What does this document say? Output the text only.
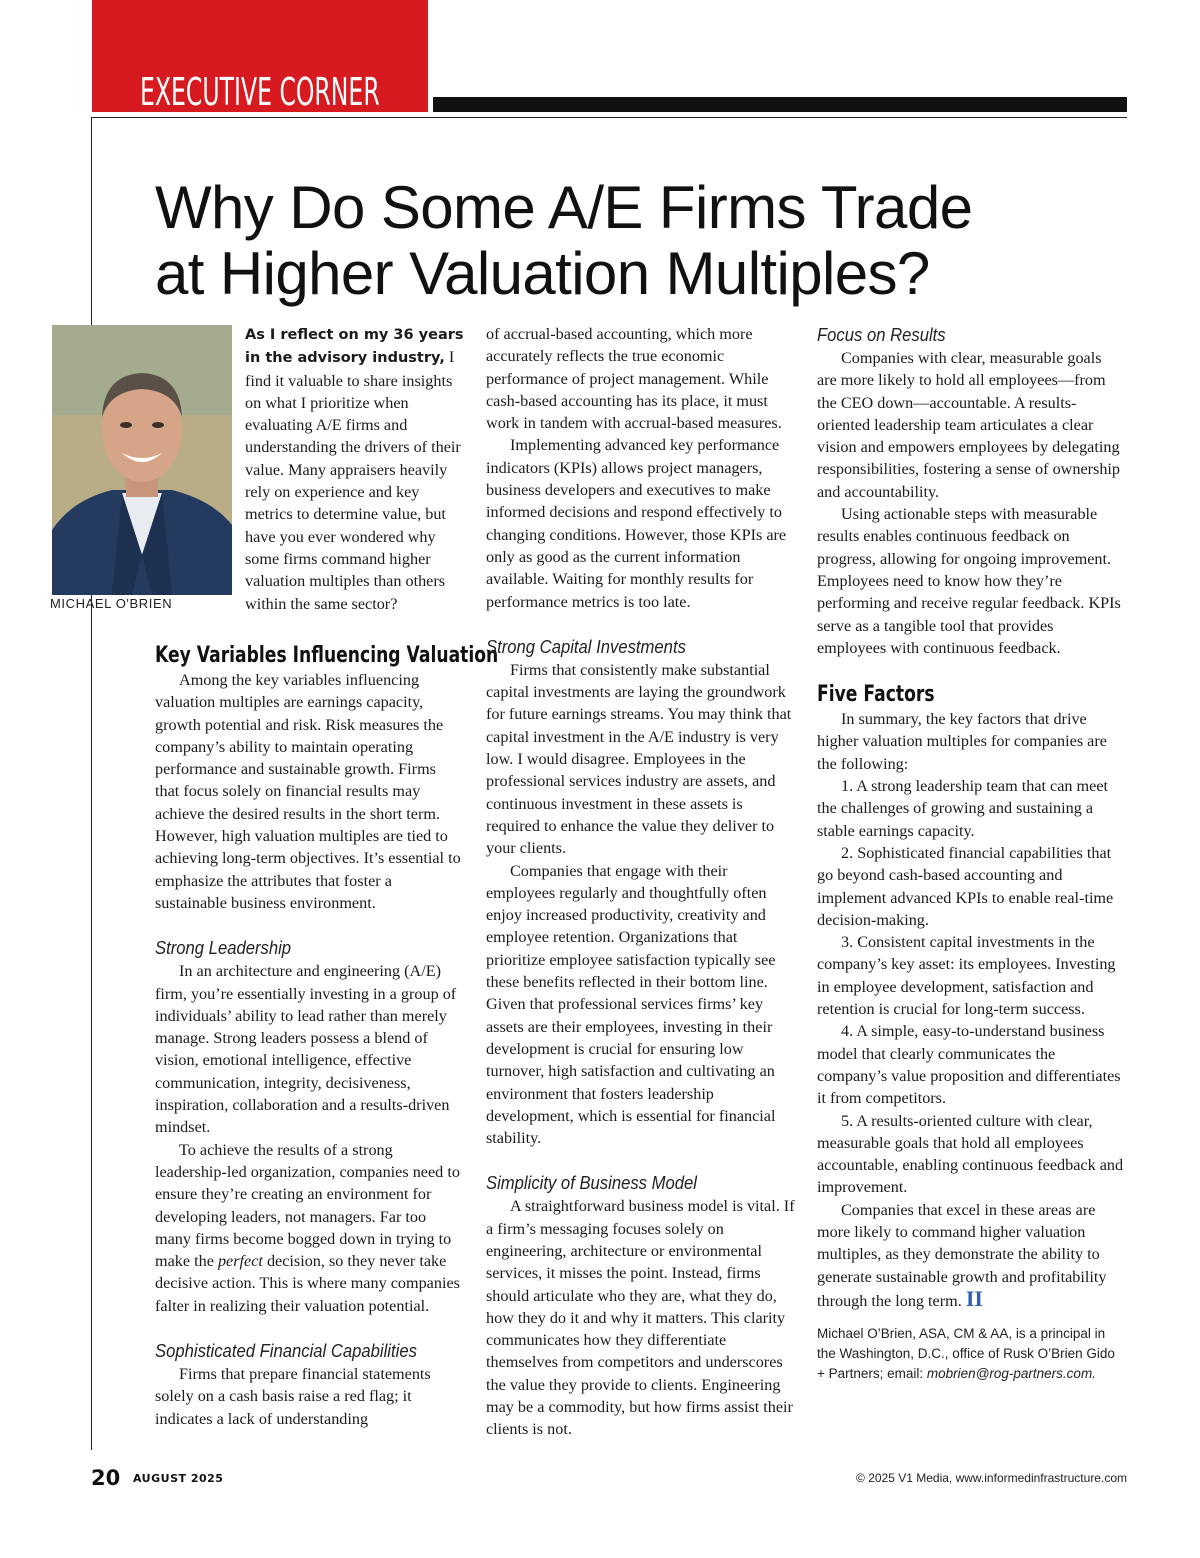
EXECUTIVE CORNER
Why Do Some A/E Firms Trade
at Higher Valuation Multiples?
MICHAEL O'BRIEN

As I reflect on my 36 years in the advisory industry, I find it valuable to share insights on what I prioritize when evaluating A/E firms and understanding the drivers of their value. Many appraisers heavily rely on experience and key metrics to determine value, but have you ever wondered why some firms command higher valuation multiples than others within the same sector?

Key Variables Influencing Valuation

Among the key variables influencing valuation multiples are earnings capacity, growth potential and risk. Risk measures the company’s ability to maintain operating performance and sustainable growth. Firms that focus solely on financial results may achieve the desired results in the short term. However, high valuation multiples are tied to achieving long-term objectives. It’s essential to emphasize the attributes that foster a sustainable business environment.

Strong Leadership

In an architecture and engineering (A/E) firm, you’re essentially investing in a group of individuals’ ability to lead rather than merely manage. Strong leaders possess a blend of vision, emotional intelligence, effective communication, integrity, decisiveness, inspiration, collaboration and a results-driven mindset.

To achieve the results of a strong leadership-led organization, companies need to ensure they’re creating an environment for developing leaders, not managers. Far too many firms become bogged down in trying to make the perfect decision, so they never take decisive action. This is where many companies falter in realizing their valuation potential.

Sophisticated Financial Capabilities

Firms that prepare financial statements solely on a cash basis raise a red flag; it indicates a lack of understanding

of accrual-based accounting, which more accurately reflects the true economic performance of project management. While cash-based accounting has its place, it must work in tandem with accrual-based measures.

Implementing advanced key performance indicators (KPIs) allows project managers, business developers and executives to make informed decisions and respond effectively to changing conditions. However, those KPIs are only as good as the current information available. Waiting for monthly results for performance metrics is too late.

Strong Capital Investments

Firms that consistently make substantial capital investments are laying the groundwork for future earnings streams. You may think that capital investment in the A/E industry is very low. I would disagree. Employees in the professional services industry are assets, and continuous investment in these assets is required to enhance the value they deliver to your clients.

Companies that engage with their employees regularly and thoughtfully often enjoy increased productivity, creativity and employee retention. Organizations that prioritize employee satisfaction typically see these benefits reflected in their bottom line. Given that professional services firms’ key assets are their employees, investing in their development is crucial for ensuring low turnover, high satisfaction and cultivating an environment that fosters leadership development, which is essential for financial stability.

Simplicity of Business Model

A straightforward business model is vital. If a firm’s messaging focuses solely on engineering, architecture or environmental services, it misses the point. Instead, firms should articulate who they are, what they do, how they do it and why it matters. This clarity communicates how they differentiate themselves from competitors and underscores the value they provide to clients. Engineering may be a commodity, but how firms assist their clients is not.

Focus on Results

Companies with clear, measurable goals are more likely to hold all employees—from the CEO down—accountable. A results-oriented leadership team articulates a clear vision and empowers employees by delegating responsibilities, fostering a sense of ownership and accountability.

Using actionable steps with measurable results enables continuous feedback on progress, allowing for ongoing improvement. Employees need to know how they’re performing and receive regular feedback. KPIs serve as a tangible tool that provides employees with continuous feedback.

Five Factors

In summary, the key factors that drive higher valuation multiples for companies are the following:

1. A strong leadership team that can meet the challenges of growing and sustaining a stable earnings capacity.

2. Sophisticated financial capabilities that go beyond cash-based accounting and implement advanced KPIs to enable real-time decision-making.

3. Consistent capital investments in the company’s key asset: its employees. Investing in employee development, satisfaction and retention is crucial for long-term success.

4. A simple, easy-to-understand business model that clearly communicates the company’s value proposition and differentiates it from competitors.

5. A results-oriented culture with clear, measurable goals that hold all employees accountable, enabling continuous feedback and improvement.

Companies that excel in these areas are more likely to command higher valuation multiples, as they demonstrate the ability to generate sustainable growth and profitability through the long term. II

Michael O’Brien, ASA, CM & AA, is a principal in the Washington, D.C., office of Rusk O’Brien Gido + Partners; email: mobrien@rog-partners.com.
20 AUGUST 2025	© 2025 V1 Media, www.informedinfrastructure.com
